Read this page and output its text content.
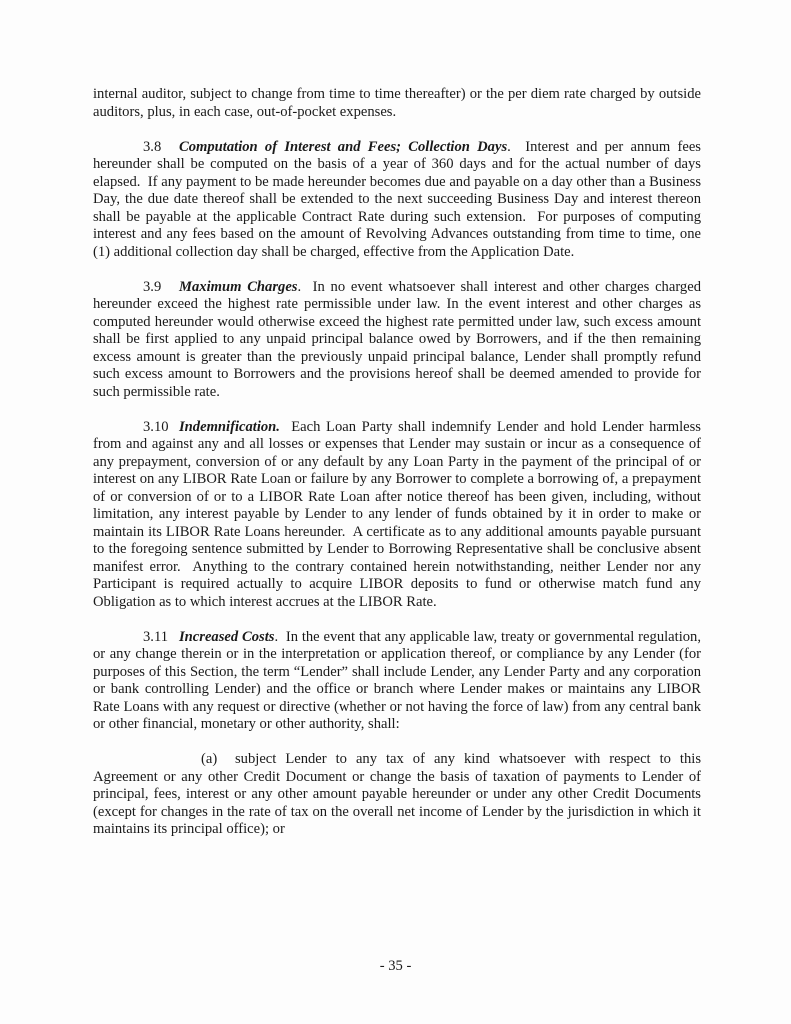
internal auditor, subject to change from time to time thereafter) or the per diem rate charged by outside auditors, plus, in each case, out-of-pocket expenses.

3.8 Computation of Interest and Fees; Collection Days.  Interest and per annum fees hereunder shall be computed on the basis of a year of 360 days and for the actual number of days elapsed.  If any payment to be made hereunder becomes due and payable on a day other than a Business Day, the due date thereof shall be extended to the next succeeding Business Day and interest thereon shall be payable at the applicable Contract Rate during such extension.  For purposes of computing interest and any fees based on the amount of Revolving Advances outstanding from time to time, one (1) additional collection day shall be charged, effective from the Application Date.

3.9 Maximum Charges.  In no event whatsoever shall interest and other charges charged hereunder exceed the highest rate permissible under law. In the event interest and other charges as computed hereunder would otherwise exceed the highest rate permitted under law, such excess amount shall be first applied to any unpaid principal balance owed by Borrowers, and if the then remaining excess amount is greater than the previously unpaid principal balance, Lender shall promptly refund such excess amount to Borrowers and the provisions hereof shall be deemed amended to provide for such permissible rate.

3.10 Indemnification.  Each Loan Party shall indemnify Lender and hold Lender harmless from and against any and all losses or expenses that Lender may sustain or incur as a consequence of any prepayment, conversion of or any default by any Loan Party in the payment of the principal of or interest on any LIBOR Rate Loan or failure by any Borrower to complete a borrowing of, a prepayment of or conversion of or to a LIBOR Rate Loan after notice thereof has been given, including, without limitation, any interest payable by Lender to any lender of funds obtained by it in order to make or maintain its LIBOR Rate Loans hereunder.  A certificate as to any additional amounts payable pursuant to the foregoing sentence submitted by Lender to Borrowing Representative shall be conclusive absent manifest error.  Anything to the contrary contained herein notwithstanding, neither Lender nor any Participant is required actually to acquire LIBOR deposits to fund or otherwise match fund any Obligation as to which interest accrues at the LIBOR Rate.

3.11 Increased Costs.  In the event that any applicable law, treaty or governmental regulation, or any change therein or in the interpretation or application thereof, or compliance by any Lender (for purposes of this Section, the term “Lender” shall include Lender, any Lender Party and any corporation or bank controlling Lender) and the office or branch where Lender makes or maintains any LIBOR Rate Loans with any request or directive (whether or not having the force of law) from any central bank or other financial, monetary or other authority, shall:

(a) subject Lender to any tax of any kind whatsoever with respect to this Agreement or any other Credit Document or change the basis of taxation of payments to Lender of principal, fees, interest or any other amount payable hereunder or under any other Credit Documents (except for changes in the rate of tax on the overall net income of Lender by the jurisdiction in which it maintains its principal office); or

- 35 -
